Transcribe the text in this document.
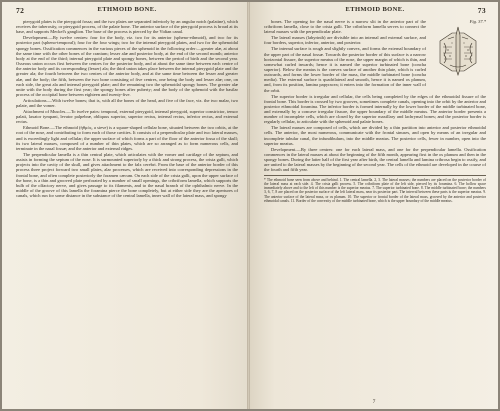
72	ETHMOID BONE.

pterygoid plates is the pterygoid fossa; and the two plates are separated inferiorly by an angular notch (palatine), which receives the tuberosity, or pterygoid process, of the palate bone. The anterior surface of the pterygoid process is broad at its base, and supports Meckel's ganglion. The base of the process is pierced by the Vidian canal.

Development.—By twelve centres: four for the body, viz. two for its anterior (spheno-ethmoid), and two for its posterior part (spheno-temporal); four for the four wings; two for the internal pterygoid plates, and two for the sphenoidal spongy bones. Ossification commences in the various pieces of the sphenoid in the following order:—greater alæ, at about the same time with the other bones of the cranium; lesser alæ and posterior body, at the end of the second month; anterior body at the end of the third; internal pterygoid plate and spongy bones, between the period of birth and the second year. Osseous union occurs first between the centres for the posterior body, and at about the same time between each centre of the anterior body and its corresponding (lesser) ala; the third union takes place between the internal pterygoid plate and the greater ala; the fourth between the two centres of the anterior body, and at the same time between the lesser and greater alæ, and the body; the fifth, between the two bone consisting of five centres, one being the body and lesser alæ; one, on each side, the great ala and internal pterygoid plate; and the remaining two the sphenoidal spongy bones. The greater alæ unite with the body during the first year; the spongy bones after puberty; and the body of the sphenoid with the basilar process of the occipital bone between eighteen and twenty-five.

Articulations.—With twelve bones; that is, with all the bones of the head, and five of the face, viz. the two malar, two palate, and the vomer.

Attachment of Muscles.—To twelve pairs: temporal, external pterygoid, internal pterygoid, superior constrictor, tensor palati, laxator tympani, levator palpebræ, obliquus superior, superior rectus, internal rectus, inferior rectus, and external rectus.

Ethmoid Bone.—The ethmoid (ἠθμός, a sieve) is a square-shaped cellular bone, situated between the two orbits, at the root of the nose, and contributing to form each of those cavities. It consists of a perpendicular plate and two lateral masses, and is exceedingly light and cellular; the upper surface of which forms a part of the floor of the anterior fossa of the skull; its two lateral masses, composed of a number of thin plates, which are so arranged as to form numerous cells, and terminate in the nasal fossæ; and the anterior and external ridges.

The perpendicular lamella is a thin central plate, which articulates with the vomer and cartilage of the septum, and assists in forming the septum of the nose. It is surmounted superiorly by a thick and strong process, the crista galli, which projects into the cavity of the skull, and gives attachment to the falx cerebri. From the base of the anterior border of this process three project forward two small plates, alar processes, which are received into corresponding depressions in the frontal bone, and often complete posteriorly the foramen cæcum. On each side of the crista galli, upon the upper surface of the bone, is a thin and grooved plate perforated by a number of small openings, the cribriform lamella, which supports the bulb of the olfactory nerve, and gives passage to its filaments, and to the nasal branch of the ophthalmic nerve. In the middle of the groove of this lamella the foramina pierce the bone completely, but at either side they are the apertures of canals, which run for some distance in the substance of the central lamella, inner wall of the lateral mass, and spongy

ETHMOID BONE.	73
Fig. 37.*

bones. The opening for the nasal nerve is a narrow slit in the anterior part of the cribriform lamella, close to the crista galli. The cribriform lamella serves to connect the lateral masses with the perpendicular plate.

The lateral masses (labyrinth) are divisible into an internal and external surface, and four borders, superior, inferior, anterior, and posterior.

The internal surface is rough and slightly convex, and forms the external boundary of the upper part of the nasal fossæ. Towards the posterior border of this surface is a narrow horizontal fissure, the superior meatus of the nose, the upper margin of which is thin, and somewhat curled inwards; hence it is named the superior turbinated bone (concha superior). Below the meatus is the convex surface of another thin plate, which is curled outwards, and forms the lower border of the mass, the middle turbinated bone (concha media). The external surface is quadrilateral and smooth, hence it is named os planum, and, from its position, lamina papyracea; it enters into the formation of the inner wall of the orbit.

The superior border is irregular and cellular, the cells being completed by the edges of the ethmoidal fissure of the frontal bone. This border is crossed by two grooves, sometimes complete canals, opening into the orbit by the anterior and posterior ethmoidal foramina. The inferior border is formed internally by the lower border of the middle turbinated bone, and externally by a concave irregular fissure, the upper boundary of the middle meatus. The anterior border presents a number of incomplete cells, which are closed by the superior maxillary and lachrymal bones; and the posterior border is regularly cellular, to articulate with the sphenoid and palate bones.

The lateral masses are composed of cells, which are divided by a thin partition into anterior and posterior ethmoidal cells. The anterior, the most numerous, communicate with the frontal sinuses, and open by means of an irregular and incomplete tubular canal, the infundibulum, into the middle meatus. The posterior cells, fewer in number, open into the superior meatus.

Development.—By three centres: one for each lateral mass, and one for the perpendicular lamella. Ossification commences in the lateral masses at about the beginning of the fifth month, appearing first in the os planum and then in the spongy bones. During the latter half of the first year after birth, the central lamella and lamina cribrosa begin to ossify, and are united to the lateral masses by the beginning of the second year. The cells of the ethmoid are developed in the course of the fourth and fifth year.

* The ethmoid bone seen from above and behind. 1. The central lamella. 2, 3. The lateral masses; the numbers are placed on the posterior border of the lateral mass at each side. 4. The crista galli process. 5. The cribriform plate of the left side, pierced by its foramina. 6. The hollow space immediately above and to the left of this number is the superior meatus. 7. The superior turbinated bone. 8. The middle turbinated bone; the numbers 3, 6, 7, 8 are placed on the posterior surface of the left lateral mass, near its posterior part. The interval between these parts is the superior meatus. 9. The anterior surface of the lateral mass, or os planum. 10. The superior or frontal border of the lateral mass, grooved by the anterior and posterior ethmoidal canals. 11. Border of the convexity of the middle turbinated bone, which is the upper boundary of the middle meatus.
7
